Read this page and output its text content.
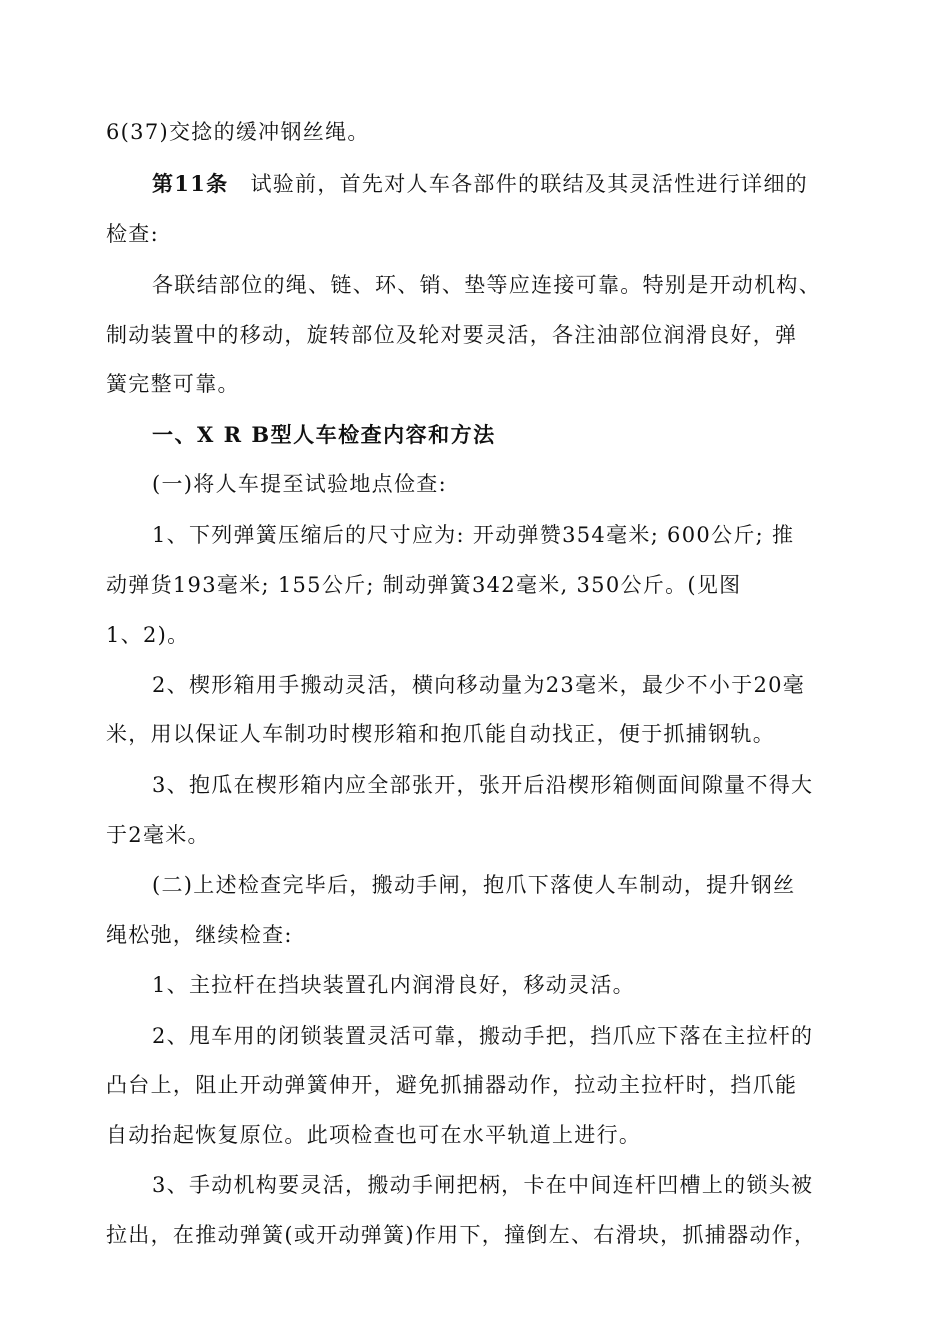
6(37)交捻的缓冲钢丝绳。
第11条 试验前，首先对人车各部件的联结及其灵活性进行详细的
检查:
各联结部位的绳、链、环、销、垫等应连接可靠。特别是开动机构、
制动装置中的移动，旋转部位及轮对要灵活，各注油部位润滑良好，弹
簧完整可靠。
一、X R B型人车检查内容和方法
(一)将人车提至试验地点俭查:
1、下列弹簧压缩后的尺寸应为: 开动弹赞354毫米; 600公斤; 推
动弹货193毫米; 155公斤; 制动弹簧342毫米, 350公斤。(见图
1、2)。
2、楔形箱用手搬动灵活，横向移动量为23毫米，最少不小于20毫
米，用以保证人车制功时楔形箱和抱爪能自动找正，便于抓捕钢轨。
3、抱瓜在楔形箱内应全部张开，张开后沿楔形箱侧面间隙量不得大
于2毫米。
(二)上述检查完毕后，搬动手闸，抱爪下落使人车制动，提升钢丝
绳松弛，继续检查:
1、主拉杆在挡块装置孔内润滑良好，移动灵活。
2、甩车用的闭锁装置灵活可靠，搬动手把，挡爪应下落在主拉杆的
凸台上，阻止开动弹簧伸开，避免抓捕器动作，拉动主拉杆时，挡爪能
自动抬起恢复原位。此项检查也可在水平轨道上进行。
3、手动机构要灵活，搬动手闸把柄，卡在中间连杆凹槽上的锁头被
拉出，在推动弹簧(或开动弹簧)作用下，撞倒左、右滑块，抓捕器动作，
